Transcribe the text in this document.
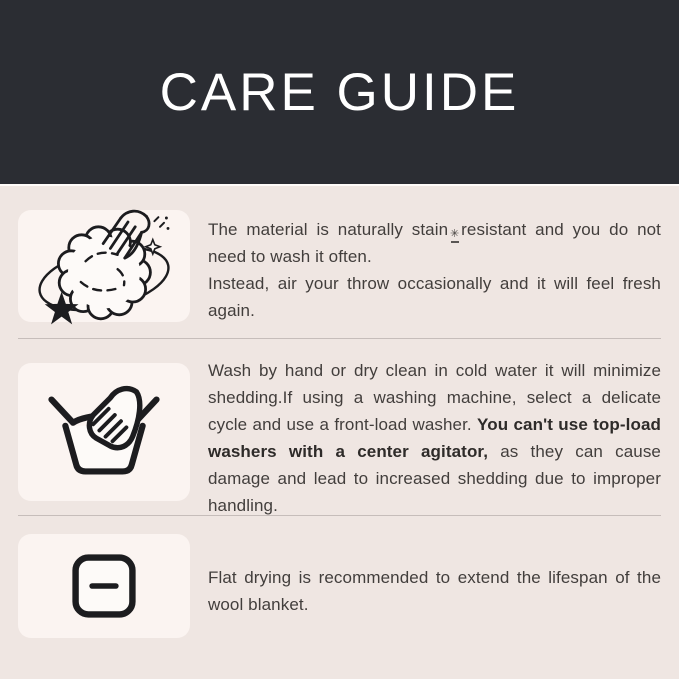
CARE GUIDE

The material is naturally stain ✳ resistant and you do not need to wash it often.
Instead, air your throw occasionally and it will feel fresh again.

Wash by hand or dry clean in cold water it will minimize shedding.If using a washing machine, select a delicate cycle and use a front-load washer. You can't use top-load washers with a center agitator, as they can cause damage and lead to increased shedding due to improper handling.

Flat drying is recommended to extend the lifespan of the wool blanket.
